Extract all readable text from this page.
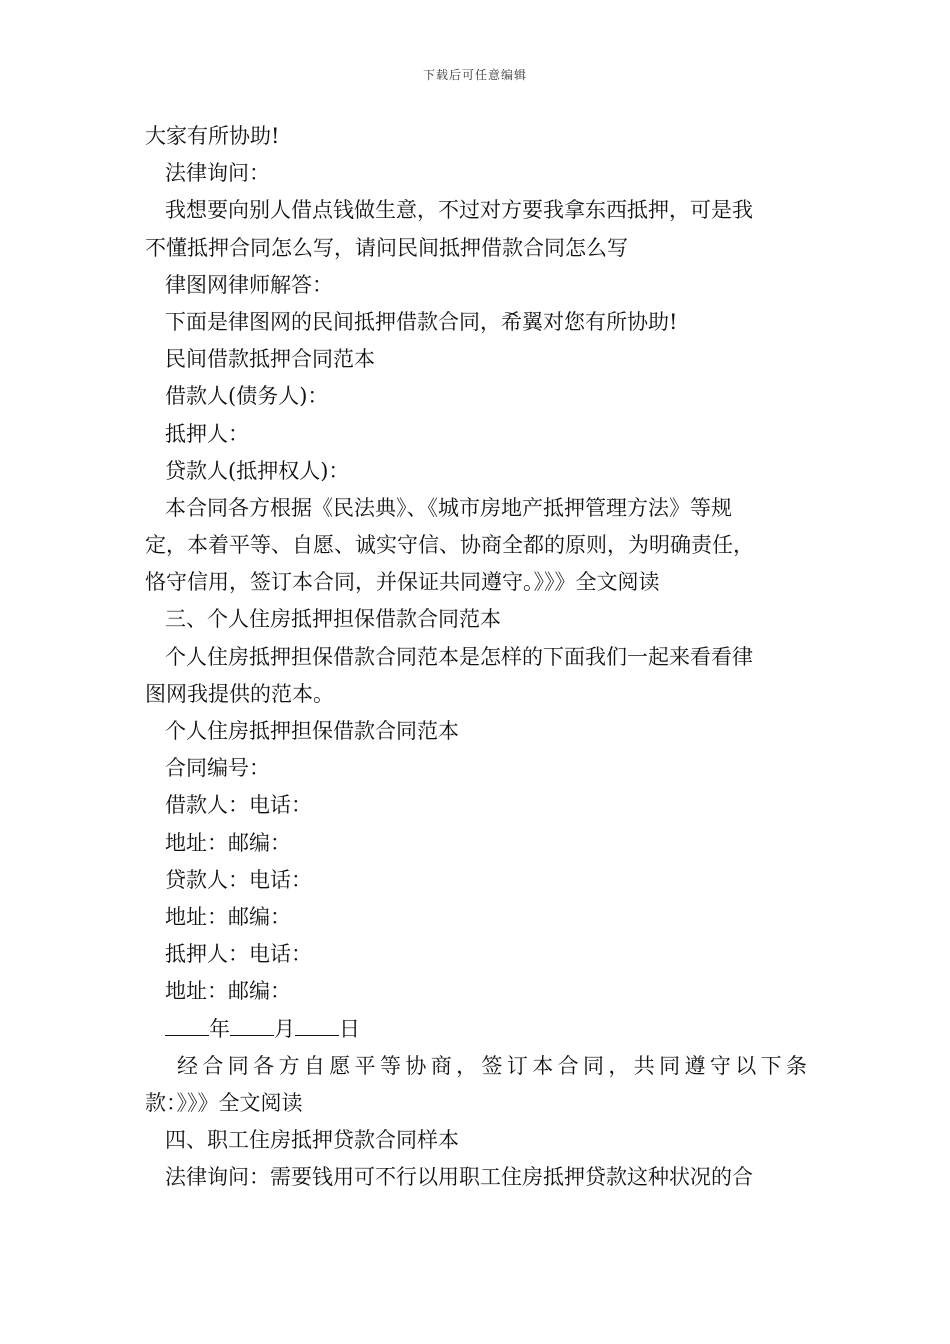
下载后可任意编辑
大家有所协助!
法律询问：
我想要向别人借点钱做生意，不过对方要我拿东西抵押，可是我
不懂抵押合同怎么写，请问民间抵押借款合同怎么写
律图网律师解答：
下面是律图网的民间抵押借款合同，希翼对您有所协助!
民间借款抵押合同范本
借款人(债务人)：
抵押人：
贷款人(抵押权人)：
本合同各方根据《民法典》、《城市房地产抵押管理方法》等规
定，本着平等、自愿、诚实守信、协商全都的原则，为明确责任，
恪守信用，签订本合同，并保证共同遵守。》》》全文阅读
三、个人住房抵押担保借款合同范本
个人住房抵押担保借款合同范本是怎样的下面我们一起来看看律
图网我提供的范本。
个人住房抵押担保借款合同范本
合同编号：
借款人：电话：
地址：邮编：
贷款人：电话：
地址：邮编：
抵押人：电话：
地址：邮编：
年 月 日
经合同各方自愿平等协商，签订本合同，共同遵守以下条
款：》》》全文阅读
四、职工住房抵押贷款合同样本
法律询问：需要钱用可不行以用职工住房抵押贷款这种状况的合
